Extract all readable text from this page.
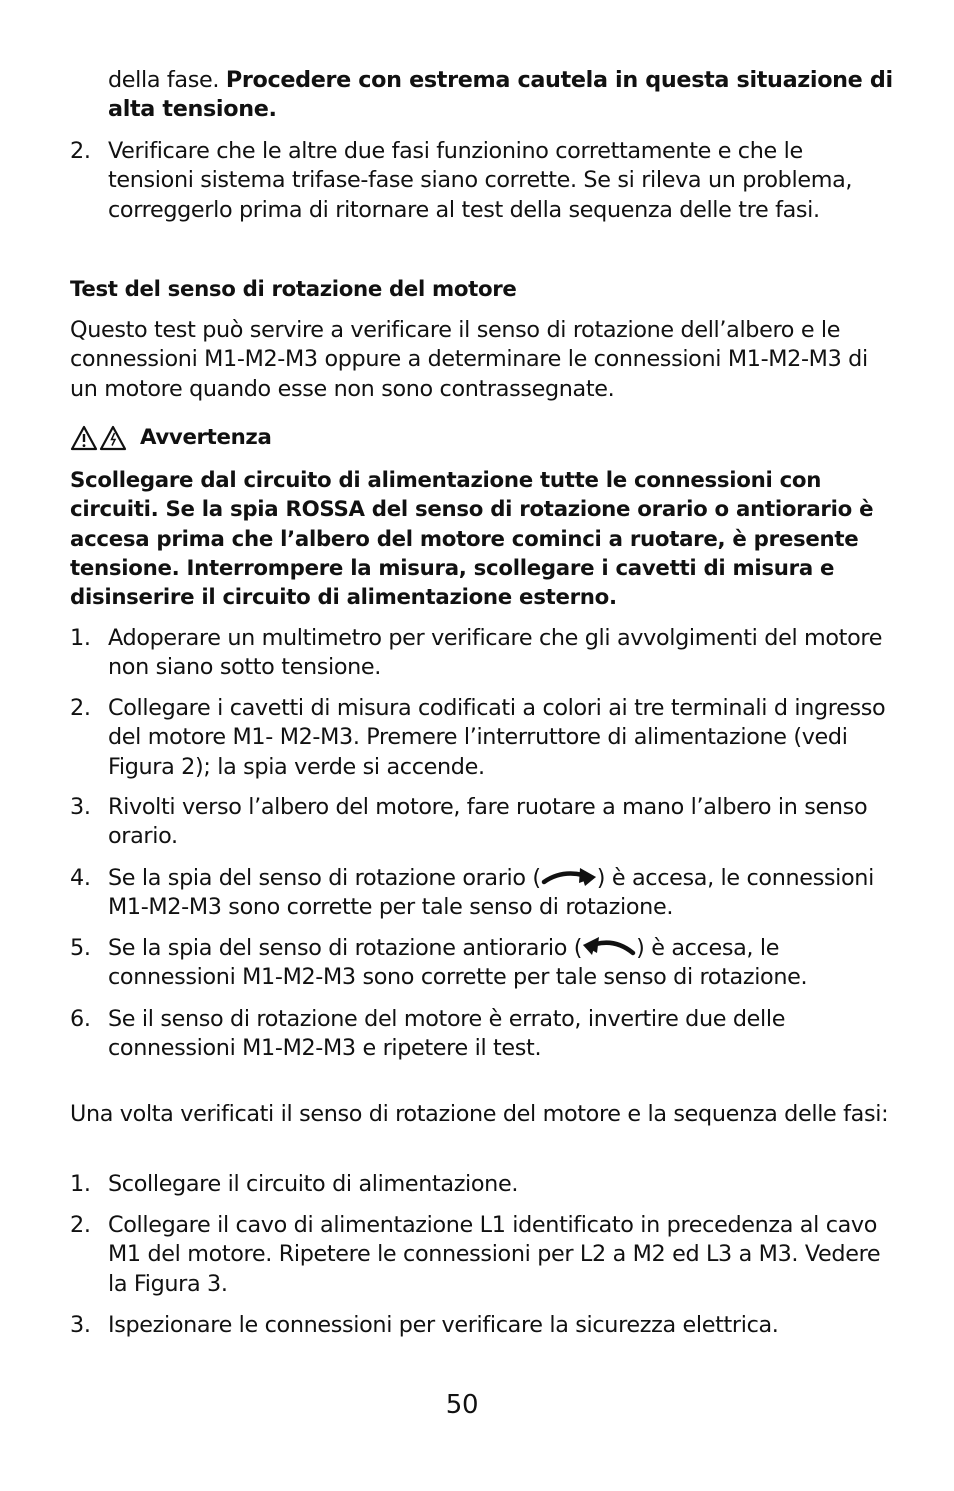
della fase. Procedere con estrema cautela in questa situazione di alta tensione.

2. Verificare che le altre due fasi funzionino correttamente e che le tensioni sistema trifase-fase siano corrette. Se si rileva un problema, correggerlo prima di ritornare al test della sequenza delle tre fasi.
Test del senso di rotazione del motore

Questo test può servire a verificare il senso di rotazione dell’albero e le connessioni M1-M2-M3 oppure a determinare le connessioni M1-M2-M3 di un motore quando esse non sono contrassegnate.

Avvertenza

Scollegare dal circuito di alimentazione tutte le connessioni con circuiti. Se la spia ROSSA del senso di rotazione orario o antiorario è accesa prima che l’albero del motore cominci a ruotare, è presente tensione. Interrompere la misura, scollegare i cavetti di misura e disinserire il circuito di alimentazione esterno.

1. Adoperare un multimetro per verificare che gli avvolgimenti del motore non siano sotto tensione.
2. Collegare i cavetti di misura codificati a colori ai tre terminali d ingresso del motore M1- M2-M3. Premere l’interruttore di alimentazione (vedi Figura 2); la spia verde si accende.
3. Rivolti verso l’albero del motore, fare ruotare a mano l’albero in senso orario.
4. Se la spia del senso di rotazione orario (	) è accesa, le connessioni M1-M2-M3 sono corrette per tale senso di rotazione.
5. Se la spia del senso di rotazione antiorario ( ) è accesa, le connessioni M1-M2-M3 sono corrette per tale senso di rotazione.
6. Se il senso di rotazione del motore è errato, invertire due delle connessioni M1-M2-M3 e ripetere il test.

Una volta verificati il senso di rotazione del motore e la sequenza delle fasi:

1. Scollegare il circuito di alimentazione.
2. Collegare il cavo di alimentazione L1 identificato in precedenza al cavo M1 del motore. Ripetere le connessioni per L2 a M2 ed L3 a M3. Vedere la Figura 3.
3. Ispezionare le connessioni per verificare la sicurezza elettrica.
50
